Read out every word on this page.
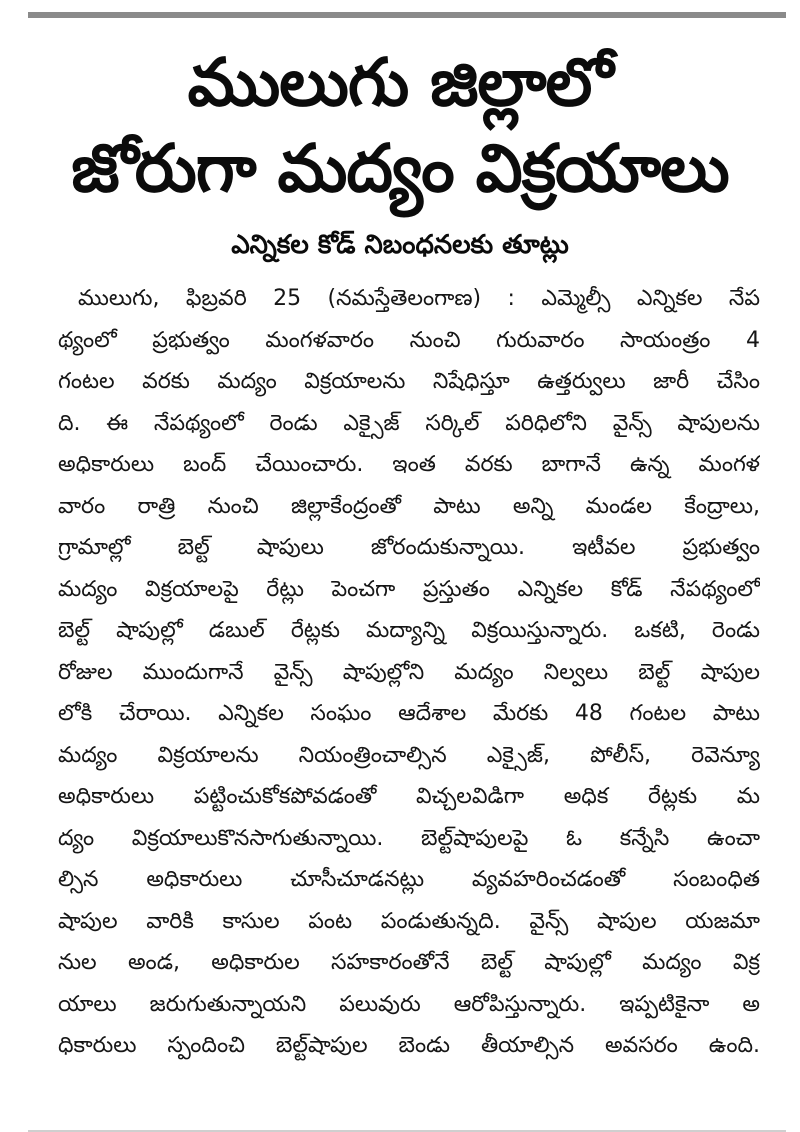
ములుగు జిల్లాలో
జోరుగా మద్యం విక్రయాలు
ఎన్నికల కోడ్‌ నిబంధనలకు తూట్లు
ములుగు, ఫిబ్రవరి 25 (నమస్తేతెలంగాణ) : ఎమ్మెల్సీ ఎన్నికల నేప
థ్యంలో ప్రభుత్వం మంగళవారం నుంచి గురువారం సాయంత్రం 4
గంటల వరకు మద్యం విక్రయాలను నిషేధిస్తూ ఉత్తర్వులు జారీ చేసిం
ది. ఈ నేపథ్యంలో రెండు ఎక్సైజ్‌ సర్కిల్‌ పరిధిలోని వైన్స్‌ షాపులను
అధికారులు బంద్‌ చేయించారు. ఇంత వరకు బాగానే ఉన్న మంగళ
వారం రాత్రి నుంచి జిల్లాకేంద్రంతో పాటు అన్ని మండల కేంద్రాలు,
గ్రామాల్లో బెల్ట్‌ షాపులు జోరందుకున్నాయి. ఇటీవల ప్రభుత్వం
మద్యం విక్రయాలపై రేట్లు పెంచగా ప్రస్తుతం ఎన్నికల కోడ్‌ నేపథ్యంలో
బెల్ట్‌ షాపుల్లో డబుల్‌ రేట్లకు మద్యాన్ని విక్రయిస్తున్నారు. ఒకటి, రెండు
రోజుల ముందుగానే వైన్స్‌ షాపుల్లోని మద్యం నిల్వలు బెల్ట్‌ షాపుల
లోకి చేరాయి. ఎన్నికల సంఘం ఆదేశాల మేరకు 48 గంటల పాటు
మద్యం విక్రయాలను నియంత్రించాల్సిన ఎక్సైజ్‌, పోలీస్‌, రెవెన్యూ
అధికారులు పట్టించుకోకపోవడంతో విచ్చలవిడిగా అధిక రేట్లకు మ
ద్యం విక్రయాలుకొనసాగుతున్నాయి. బెల్ట్‌షాపులపై ఓ కన్నేసి ఉంచా
ల్సిన అధికారులు చూసీచూడనట్లు వ్యవహరించడంతో సంబంధిత
షాపుల వారికి కాసుల పంట పండుతున్నది. వైన్స్‌ షాపుల యజమా
నుల అండ, అధికారుల సహకారంతోనే బెల్ట్‌ షాపుల్లో మద్యం విక్ర
యాలు జరుగుతున్నాయని పలువురు ఆరోపిస్తున్నారు. ఇప్పటికైనా అ
ధికారులు స్పందించి బెల్ట్‌షాపుల బెండు తీయాల్సిన అవసరం ఉంది.
